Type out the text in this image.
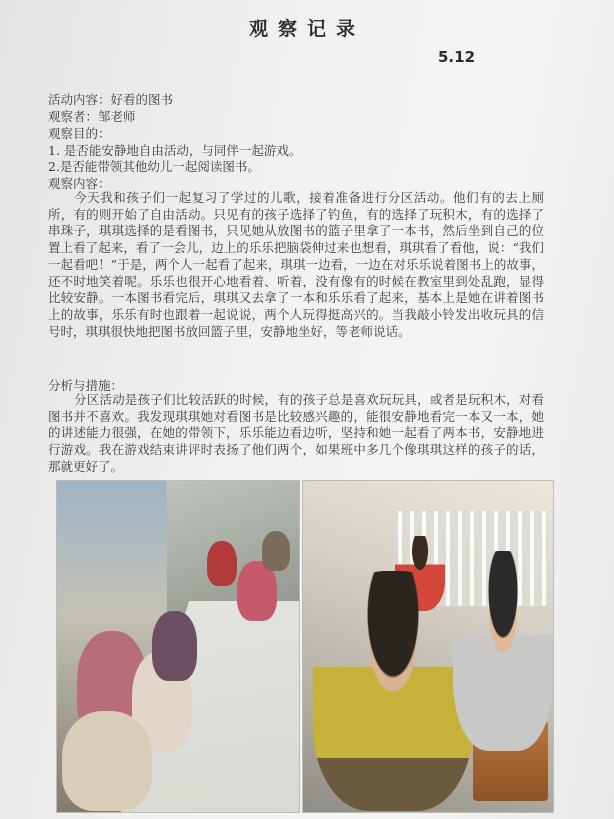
观察记录
5.12
活动内容：好看的图书
观察者：邹老师
观察目的：
1. 是否能安静地自由活动，与同伴一起游戏。
2.是否能带领其他幼儿一起阅读图书。
观察内容：

今天我和孩子们一起复习了学过的儿歌，接着准备进行分区活动。他们有的去上厕所，有的则开始了自由活动。只见有的孩子选择了钓鱼，有的选择了玩积木，有的选择了串珠子，琪琪选择的是看图书，只见她从放图书的篮子里拿了一本书，然后坐到自己的位置上看了起来，看了一会儿，边上的乐乐把脑袋伸过来也想看，琪琪看了看他，说：“我们一起看吧！”于是，两个人一起看了起来，琪琪一边看，一边在对乐乐说着图书上的故事，还不时地笑着呢。乐乐也很开心地看着、听着，没有像有的时候在教室里到处乱跑，显得比较安静。一本图书看完后，琪琪又去拿了一本和乐乐看了起来，基本上是她在讲着图书上的故事，乐乐有时也跟着一起说说，两个人玩得挺高兴的。当我敲小铃发出收玩具的信号时，琪琪很快地把图书放回篮子里，安静地坐好，等老师说话。

分析与措施：

分区活动是孩子们比较活跃的时候，有的孩子总是喜欢玩玩具，或者是玩积木，对看图书并不喜欢。我发现琪琪她对看图书是比较感兴趣的，能很安静地看完一本又一本，她的讲述能力很强，在她的带领下，乐乐能边看边听，坚持和她一起看了两本书，安静地进行游戏。我在游戏结束讲评时表扬了他们两个，如果班中多几个像琪琪这样的孩子的话，那就更好了。
